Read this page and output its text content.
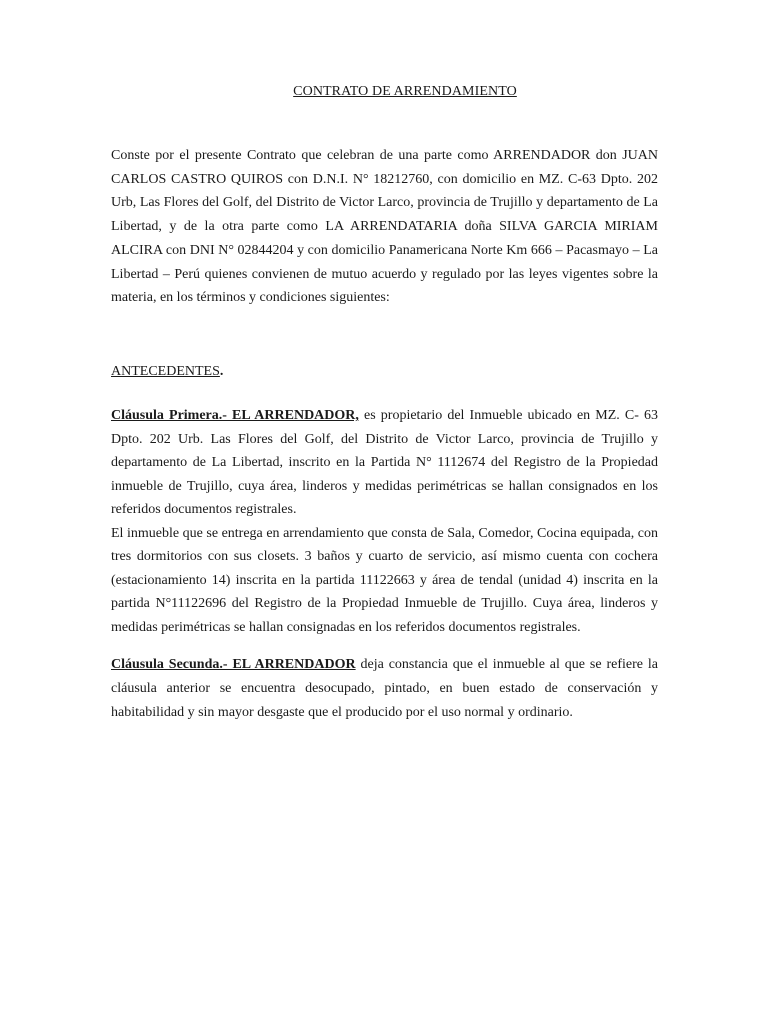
CONTRATO DE ARRENDAMIENTO

Conste por el presente Contrato que celebran de una parte como ARRENDADOR don JUAN CARLOS CASTRO QUIROS con D.N.I. N° 18212760, con domicilio en MZ. C-63 Dpto. 202 Urb, Las Flores del Golf, del Distrito de Victor Larco, provincia de Trujillo y departamento de La Libertad, y de la otra parte como LA ARRENDATARIA doña SILVA GARCIA MIRIAM ALCIRA con DNI N° 02844204 y con domicilio Panamericana Norte Km 666 – Pacasmayo – La Libertad – Perú quienes convienen de mutuo acuerdo y regulado por las leyes vigentes sobre la materia, en los términos y condiciones siguientes:

ANTECEDENTES.

Cláusula Primera.- EL ARRENDADOR, es propietario del Inmueble ubicado en MZ. C- 63 Dpto. 202 Urb. Las Flores del Golf, del Distrito de Victor Larco, provincia de Trujillo y departamento de La Libertad, inscrito en la Partida N° 1112674 del Registro de la Propiedad inmueble de Trujillo, cuya área, linderos y medidas perimétricas se hallan consignados en los referidos documentos registrales.

El inmueble que se entrega en arrendamiento que consta de Sala, Comedor, Cocina equipada, con tres dormitorios con sus closets. 3 baños y cuarto de servicio, así mismo cuenta con cochera (estacionamiento 14) inscrita en la partida 11122663 y área de tendal (unidad 4) inscrita en la partida N°11122696 del Registro de la Propiedad Inmueble de Trujillo. Cuya área, linderos y medidas perimétricas se hallan consignadas en los referidos documentos registrales.

Cláusula Secunda.- EL ARRENDADOR deja constancia que el inmueble al que se refiere la cláusula anterior se encuentra desocupado, pintado, en buen estado de conservación y habitabilidad y sin mayor desgaste que el producido por el uso normal y ordinario.
